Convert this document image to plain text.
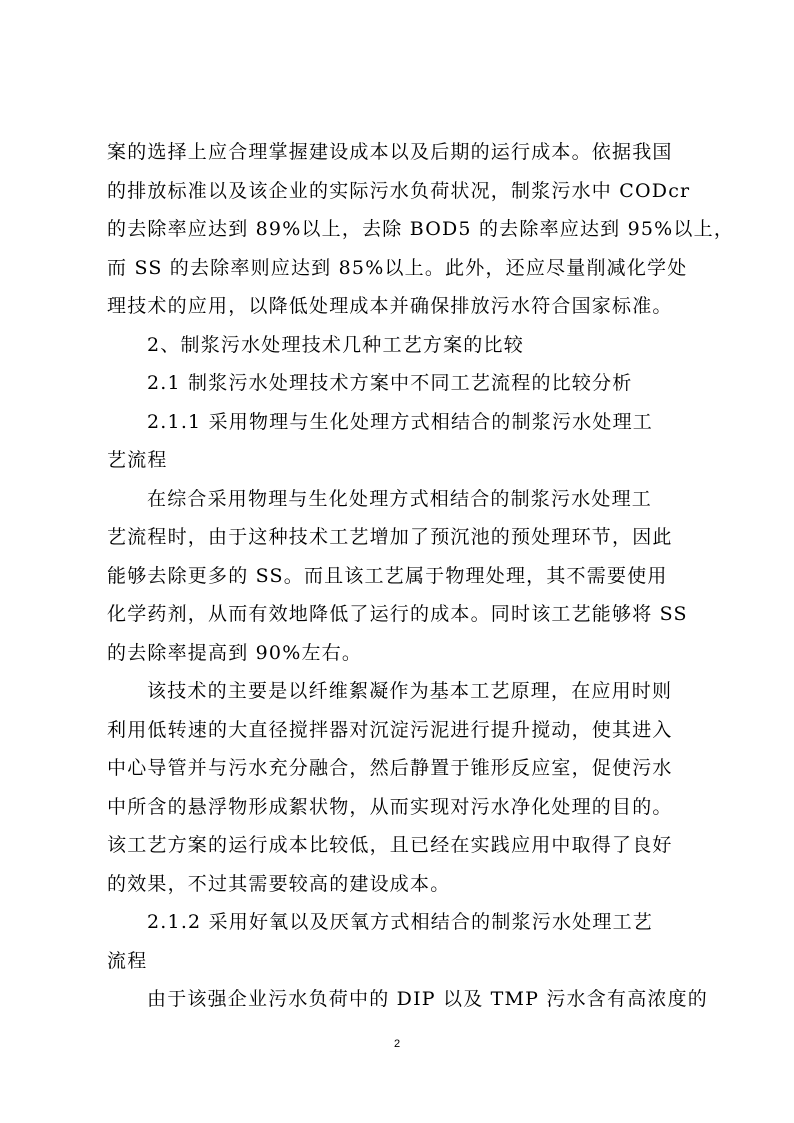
案的选择上应合理掌握建设成本以及后期的运行成本。依据我国
的排放标准以及该企业的实际污水负荷状况，制浆污水中 CODcr
的去除率应达到 89%以上，去除 BOD5 的去除率应达到 95%以上，
而 SS 的去除率则应达到 85%以上。此外，还应尽量削减化学处
理技术的应用，以降低处理成本并确保排放污水符合国家标准。
2、制浆污水处理技术几种工艺方案的比较
2.1 制浆污水处理技术方案中不同工艺流程的比较分析
2.1.1 采用物理与生化处理方式相结合的制浆污水处理工
艺流程
在综合采用物理与生化处理方式相结合的制浆污水处理工
艺流程时，由于这种技术工艺增加了预沉池的预处理环节，因此
能够去除更多的 SS。而且该工艺属于物理处理，其不需要使用
化学药剂，从而有效地降低了运行的成本。同时该工艺能够将 SS
的去除率提高到 90%左右。
该技术的主要是以纤维絮凝作为基本工艺原理，在应用时则
利用低转速的大直径搅拌器对沉淀污泥进行提升搅动，使其进入
中心导管并与污水充分融合，然后静置于锥形反应室，促使污水
中所含的悬浮物形成絮状物，从而实现对污水净化处理的目的。
该工艺方案的运行成本比较低，且已经在实践应用中取得了良好
的效果，不过其需要较高的建设成本。
2.1.2 采用好氧以及厌氧方式相结合的制浆污水处理工艺
流程
由于该强企业污水负荷中的 DIP 以及 TMP 污水含有高浓度的
2
